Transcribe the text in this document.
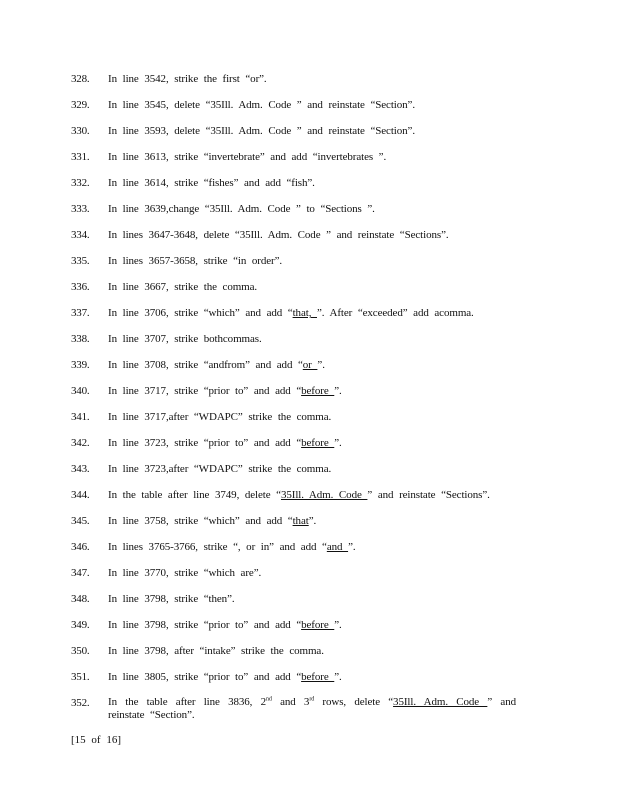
328. In line 3542, strike the first “or”.
329. In line 3545, delete “35Ill. Adm. Code ” and reinstate “Section”.
330. In line 3593, delete “35Ill. Adm. Code ” and reinstate “Section”.
331. In line 3613, strike “invertebrate” and add “invertebrates ”.
332. In line 3614, strike “fishes” and add “fish”.
333. In line 3639,change “35Ill. Adm. Code ” to “Sections ”.
334. In lines 3647-3648, delete “35Ill. Adm. Code ” and reinstate “Sections”.
335. In lines 3657-3658, strike “in order”.
336. In line 3667, strike the comma.
337. In line 3706, strike “which” and add “that, ”. After “exceeded” add acomma.
338. In line 3707, strike bothcommas.
339. In line 3708, strike “andfrom” and add “or ”.
340. In line 3717, strike “prior to” and add “before ”.
341. In line 3717,after “WDAPC” strike the comma.
342. In line 3723, strike “prior to” and add “before ”.
343. In line 3723,after “WDAPC” strike the comma.
344. In the table after line 3749, delete “35Ill. Adm. Code ” and reinstate “Sections”.
345. In line 3758, strike “which” and add “that”.
346. In lines 3765-3766, strike “, or in” and add “and ”.
347. In line 3770, strike “which are”.
348. In line 3798, strike “then”.
349. In line 3798, strike “prior to” and add “before ”.
350. In line 3798, after “intake” strike the comma.
351. In line 3805, strike “prior to” and add “before ”.
352. In the table after line 3836, 2nd and 3rd rows, delete “35Ill. Adm. Code ” and reinstate “Section”.
[15 of 16]
